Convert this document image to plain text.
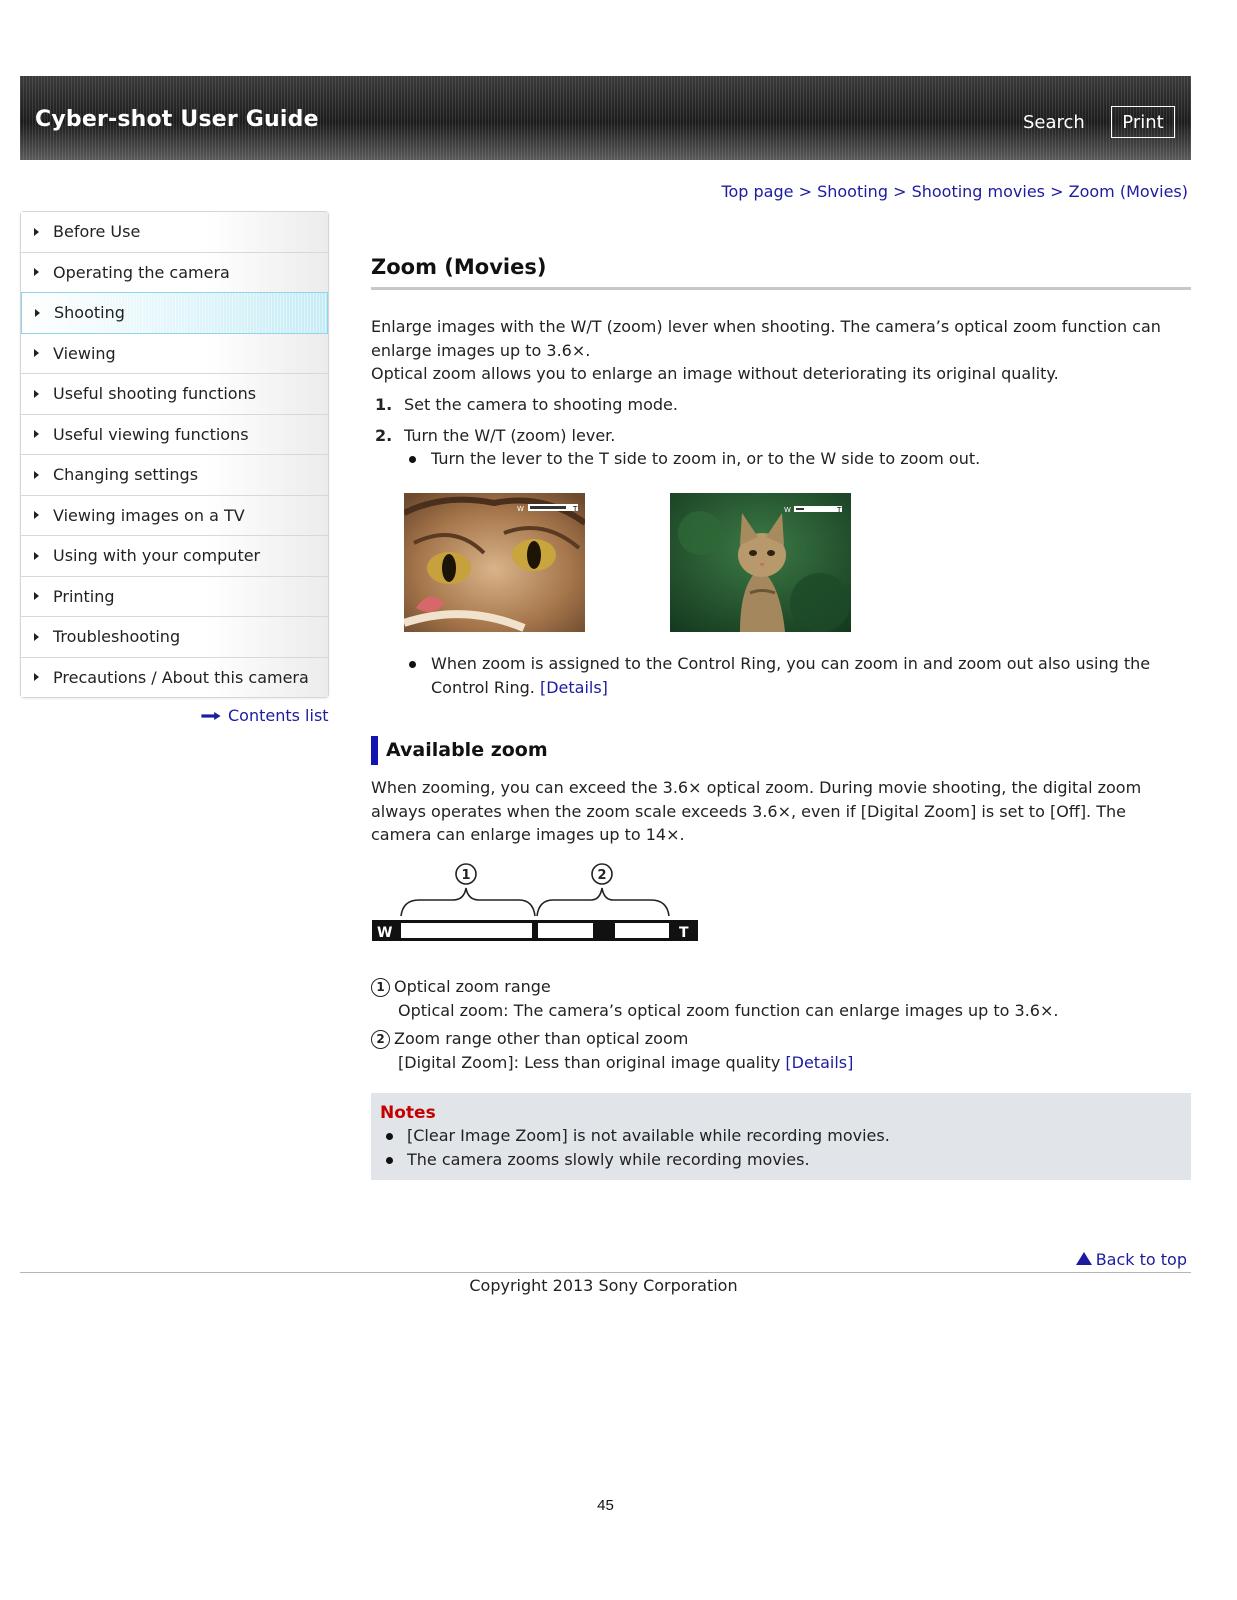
Cyber-shot User Guide	Search	Print
Top page > Shooting > Shooting movies > Zoom (Movies)
Before Use
Operating the camera
Shooting
Viewing
Useful shooting functions
Useful viewing functions
Changing settings
Viewing images on a TV
Using with your computer
Printing
Troubleshooting
Precautions / About this camera
Contents list
Zoom (Movies)

Enlarge images with the W/T (zoom) lever when shooting. The camera’s optical zoom function can enlarge images up to 3.6×.

Optical zoom allows you to enlarge an image without deteriorating its original quality.

1. Set the camera to shooting mode.
2. Turn the W/T (zoom) lever.
Turn the lever to the T side to zoom in, or to the W side to zoom out.
W	T	W	T
When zoom is assigned to the Control Ring, you can zoom in and zoom out also using the Control Ring. [Details]
Available zoom

When zooming, you can exceed the 3.6× optical zoom. During movie shooting, the digital zoom always operates when the zoom scale exceeds 3.6×, even if [Digital Zoom] is set to [Off]. The camera can enlarge images up to 14×.

1	2
W	T
1 Optical zoom range
Optical zoom: The camera’s optical zoom function can enlarge images up to 3.6×.
2 Zoom range other than optical zoom
[Digital Zoom]: Less than original image quality [Details]
Notes
[Clear Image Zoom] is not available while recording movies.
The camera zooms slowly while recording movies.
Back to top
Copyright 2013 Sony Corporation
45
